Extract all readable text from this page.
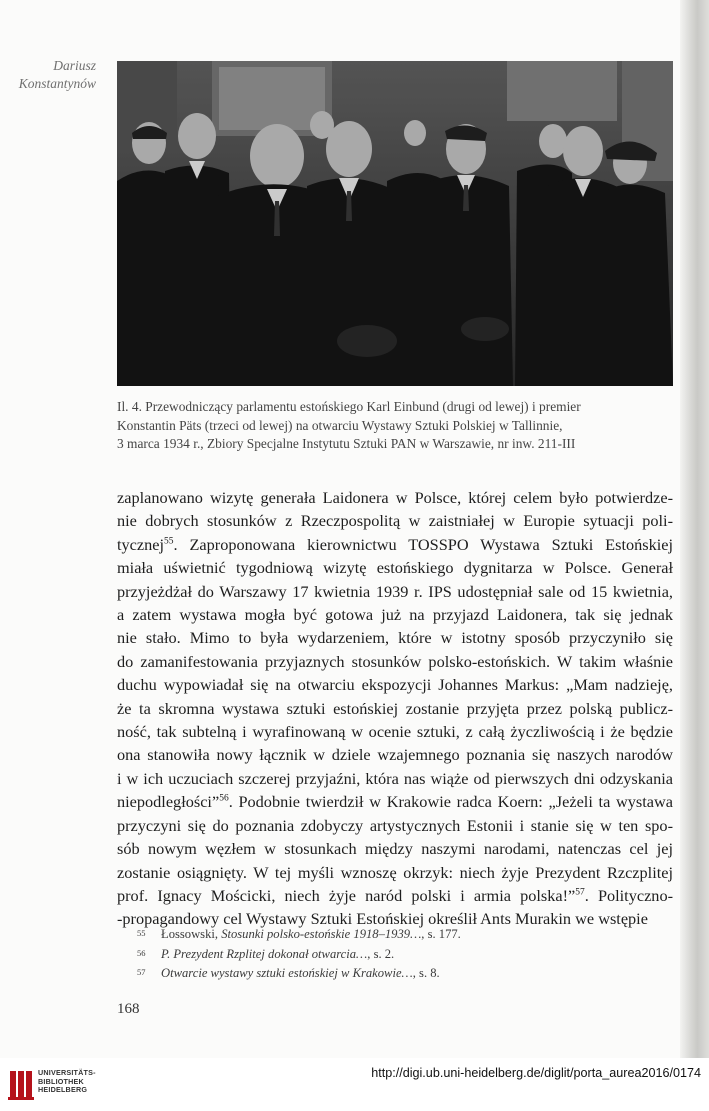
Dariusz
Konstantynów
Il. 4. Przewodniczący parlamentu estońskiego Karl Einbund (drugi od lewej) i premier
Konstantin Päts (trzeci od lewej) na otwarciu Wystawy Sztuki Polskiej w Tallinnie,
3 marca 1934 r., Zbiory Specjalne Instytutu Sztuki PAN w Warszawie, nr inw. 211-III
zaplanowano wizytę generała Laidonera w Polsce, której celem było potwierdze-
nie dobrych stosunków z Rzeczpospolitą w zaistniałej w Europie sytuacji poli-
tycznej$^{55}$. Zaproponowana kierownictwu TOSSPO Wystawa Sztuki Estońskiej
miała uświetnić tygodniową wizytę estońskiego dygnitarza w Polsce. Generał
przyjeżdżał do Warszawy 17 kwietnia 1939 r. IPS udostępniał sale od 15 kwietnia,
a zatem wystawa mogła być gotowa już na przyjazd Laidonera, tak się jednak
nie stało. Mimo to była wydarzeniem, które w istotny sposób przyczyniło się
do zamanifestowania przyjaznych stosunków polsko-estońskich. W takim właśnie
duchu wypowiadał się na otwarciu ekspozycji Johannes Markus: „Mam nadzieję,
że ta skromna wystawa sztuki estońskiej zostanie przyjęta przez polską publicz-
ność, tak subtelną i wyrafinowaną w ocenie sztuki, z całą życzliwością i że będzie
ona stanowiła nowy łącznik w dziele wzajemnego poznania się naszych narodów
i w ich uczuciach szczerej przyjaźni, która nas wiąże od pierwszych dni odzyskania
niepodległości”$^{56}$. Podobnie twierdził w Krakowie radca Koern: „Jeżeli ta wystawa
przyczyni się do poznania zdobyczy artystycznych Estonii i stanie się w ten spo-
sób nowym węzłem w stosunkach między naszymi narodami, natenczas cel jej
zostanie osiągnięty. W tej myśli wznoszę okrzyk: niech żyje Prezydent Rzczplitej
prof. Ignacy Mościcki, niech żyje naród polski i armia polska!”$^{57}$. Polityczno-
-propagandowy cel Wystawy Sztuki Estońskiej określił Ants Murakin we wstępie
55 Łossowski, Stosunki polsko-estońskie 1918–1939…, s. 177.
56 P. Prezydent Rzplitej dokonał otwarcia…, s. 2.
57 Otwarcie wystawy sztuki estońskiej w Krakowie…, s. 8.
168
UNIVERSITÄTS-
BIBLIOTHEK
HEIDELBERG
http://digi.ub.uni-heidelberg.de/diglit/porta_aurea2016/0174
